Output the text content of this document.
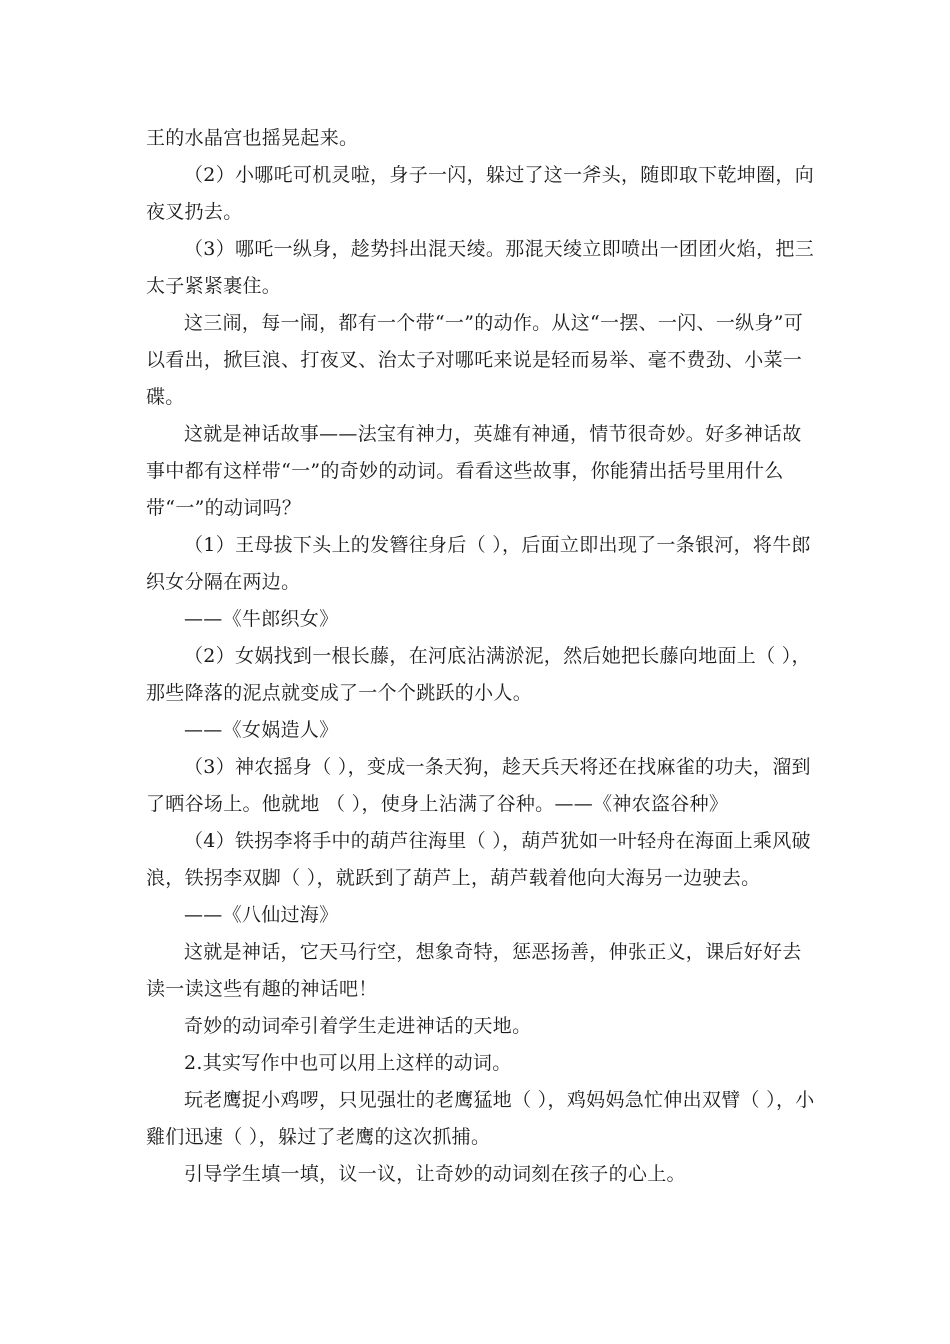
王的水晶宫也摇晃起来。

（2）小哪吒可机灵啦，身子一闪，躲过了这一斧头，随即取下乾坤圈，向夜叉扔去。

（3）哪吒一纵身，趁势抖出混天绫。那混天绫立即喷出一团团火焰，把三太子紧紧裹住。

这三闹，每一闹，都有一个带“一”的动作。从这“一摆、一闪、一纵身”可以看出，掀巨浪、打夜叉、治太子对哪吒来说是轻而易举、毫不费劲、小菜一碟。

这就是神话故事——法宝有神力，英雄有神通，情节很奇妙。好多神话故事中都有这样带“一”的奇妙的动词。看看这些故事，你能猜出括号里用什么带“一”的动词吗？

（1）王母拔下头上的发簪往身后（ ），后面立即出现了一条银河，将牛郎织女分隔在两边。

——《牛郎织女》

（2）女娲找到一根长藤，在河底沾满淤泥，然后她把长藤向地面上（ ），那些降落的泥点就变成了一个个跳跃的小人。

——《女娲造人》

（3）神农摇身（ ），变成一条天狗，趁天兵天将还在找麻雀的功夫，溜到了晒谷场上。他就地 （ ），使身上沾满了谷种。——《神农盗谷种》

（4）铁拐李将手中的葫芦往海里（ ），葫芦犹如一叶轻舟在海面上乘风破浪，铁拐李双脚（ ），就跃到了葫芦上，葫芦载着他向大海另一边驶去。

——《八仙过海》

这就是神话，它天马行空，想象奇特，惩恶扬善，伸张正义，课后好好去读一读这些有趣的神话吧！

奇妙的动词牵引着学生走进神话的天地。

2.其实写作中也可以用上这样的动词。

玩老鹰捉小鸡啰，只见强壮的老鹰猛地（ ），鸡妈妈急忙伸出双臂（ ），小雞们迅速（ ），躲过了老鹰的这次抓捕。

引导学生填一填，议一议，让奇妙的动词刻在孩子的心上。
